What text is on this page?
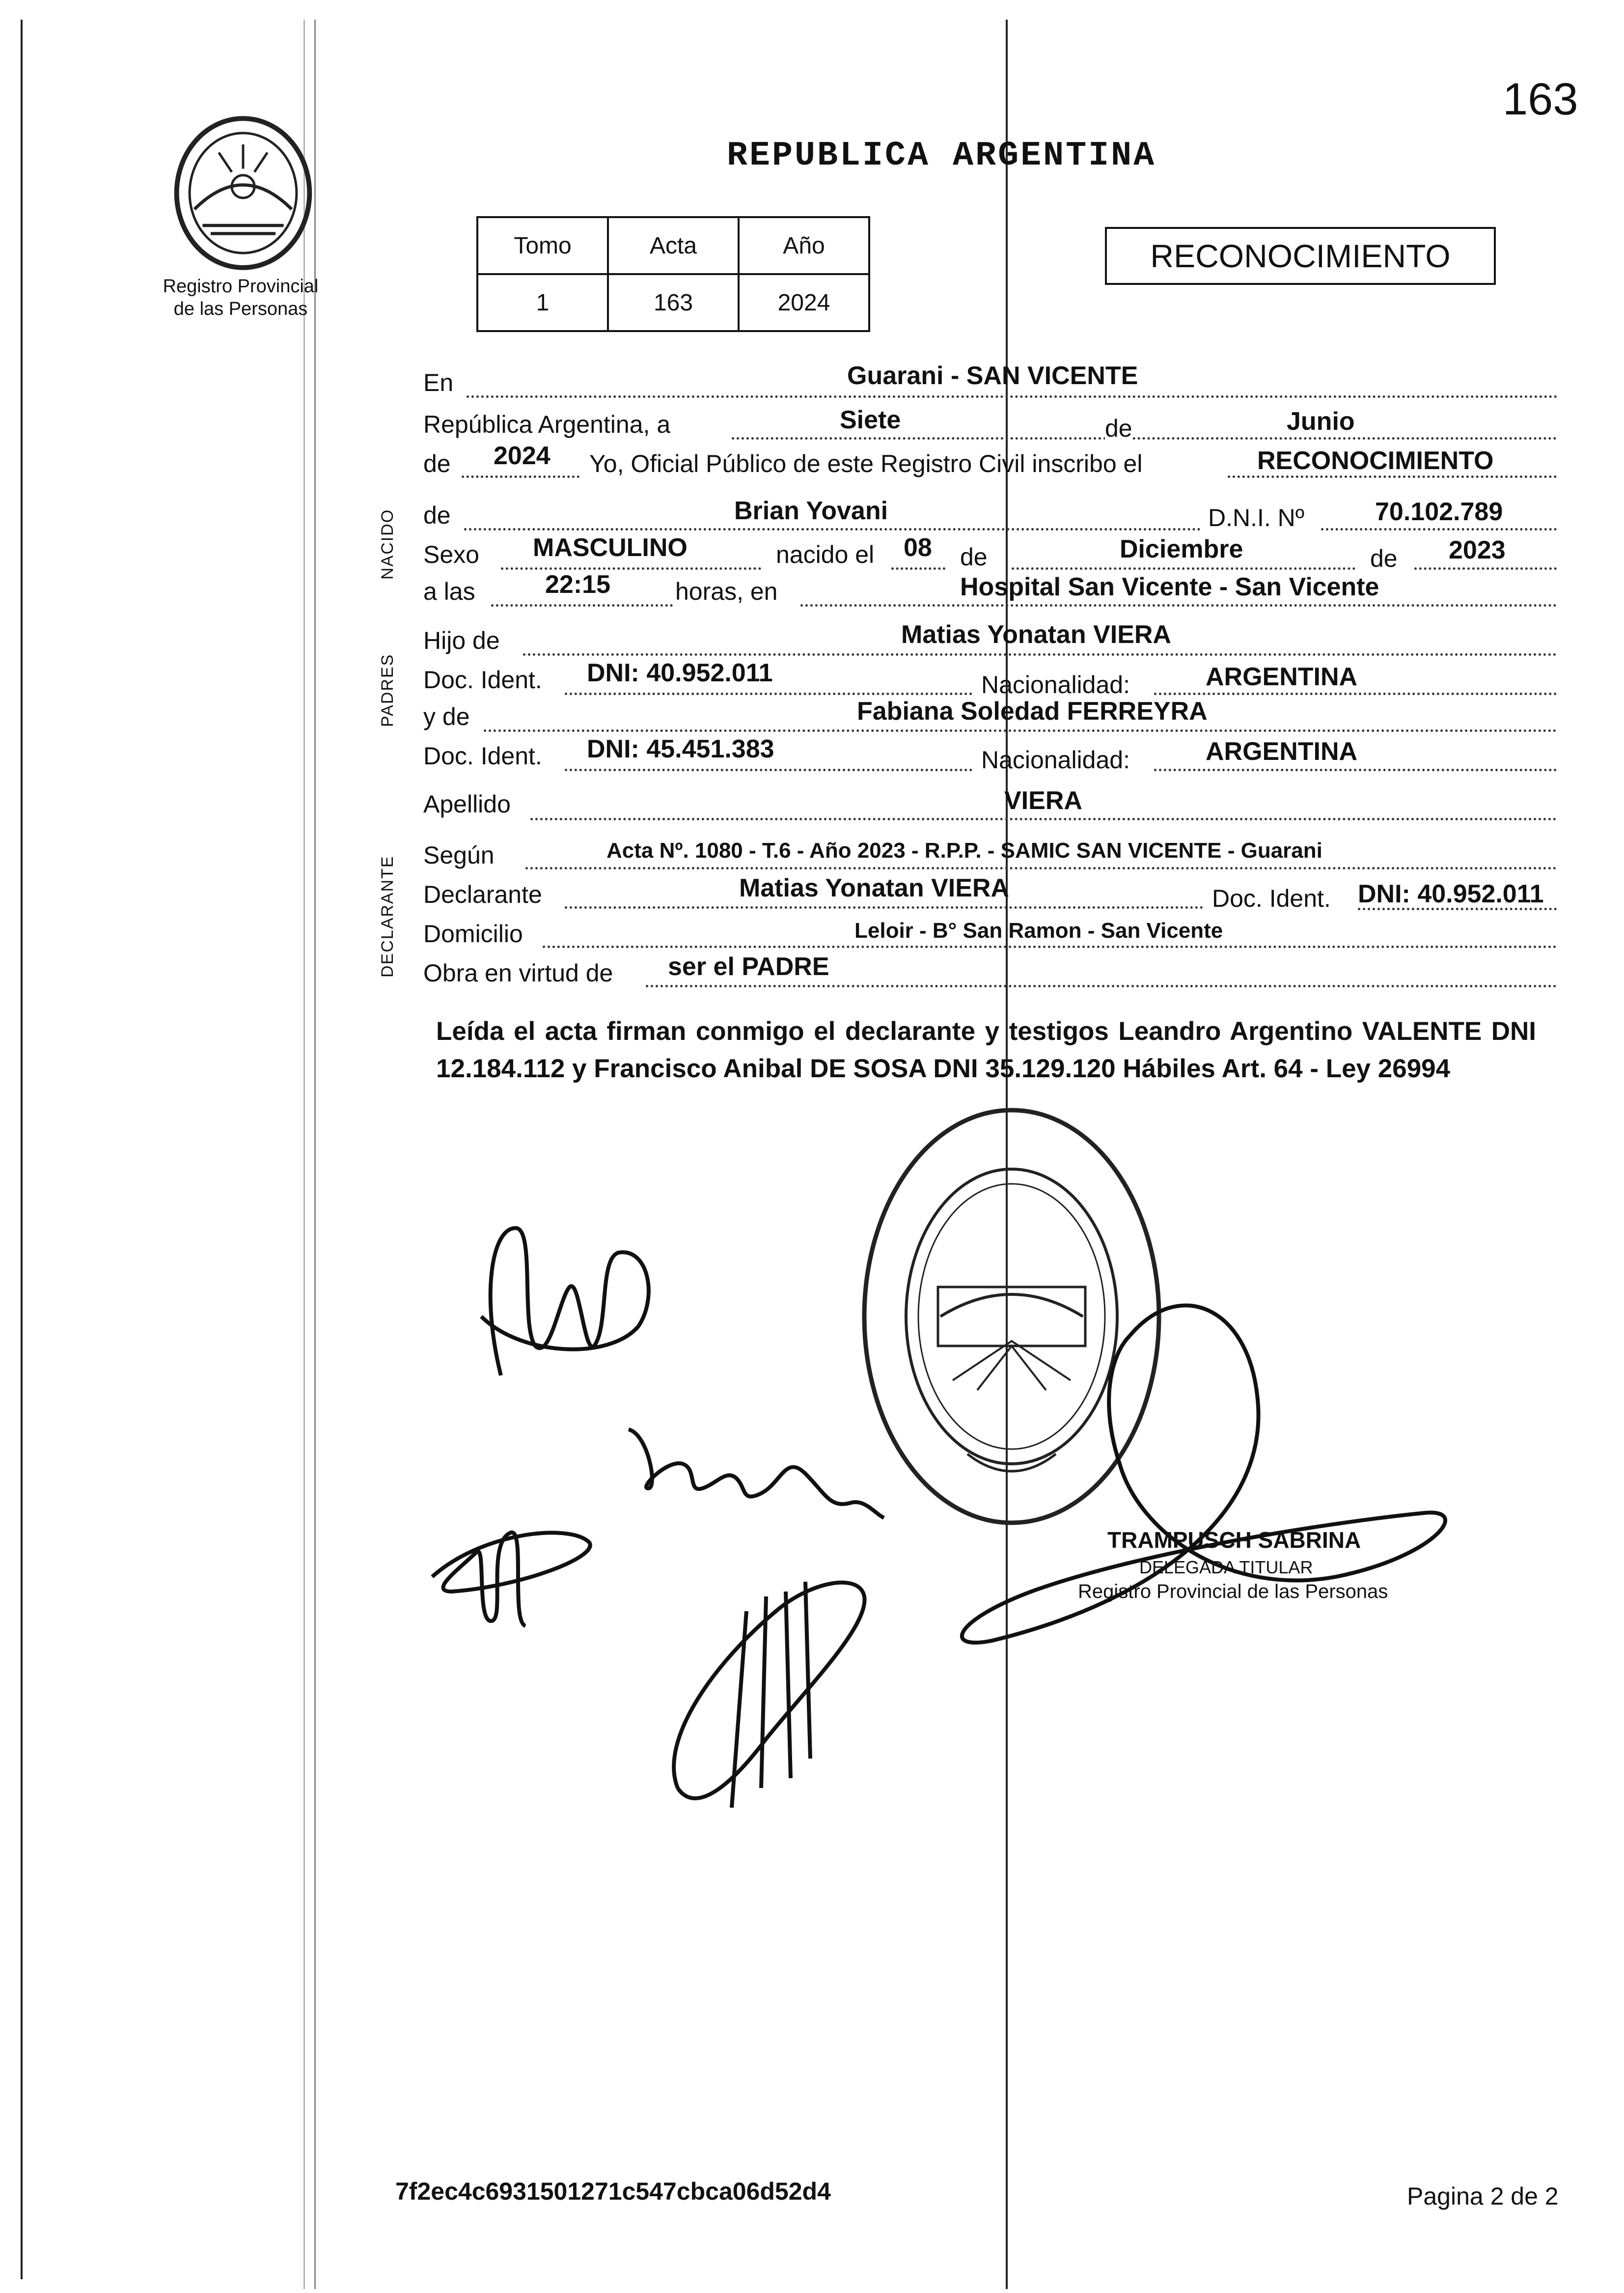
163
Registro Provincial
de las Personas
REPUBLICA ARGENTINA
Tomo	Acta	Año
1	163	2024
RECONOCIMIENTO
NACIDO
PADRES
DECLARANTE
En	Guarani - SAN VICENTE
República Argentina, a	Siete	de	Junio
de 2024 Yo, Oficial Público de este Registro Civil inscribo el	RECONOCIMIENTO
de	Brian Yovani	D.N.I. Nº	70.102.789
Sexo MASCULINO	nacido el 08 de	Diciembre	de 2023
a las	22:15	horas, en	Hospital San Vicente - San Vicente
Hijo de	Matias Yonatan VIERA
Doc. Ident. DNI: 40.952.011	Nacionalidad:	ARGENTINA
y de	Fabiana Soledad FERREYRA
Doc. Ident. DNI: 45.451.383	Nacionalidad:	ARGENTINA
Apellido	VIERA
Según	Acta Nº. 1080 - T.6 - Año 2023 - R.P.P. - SAMIC SAN VICENTE - Guarani
Declarante	Matias Yonatan VIERA	Doc. Ident. DNI: 40.952.011
Domicilio	Leloir - B° San Ramon - San Vicente
Obra en virtud de ser el PADRE
Leída el acta firman conmigo el declarante y testigos Leandro Argentino VALENTE DNI 12.184.112 y Francisco Anibal DE SOSA DNI 35.129.120 Hábiles Art. 64 - Ley 26994
TRAMPUSCH SABRINA
DELEGADA TITULAR
Registro Provincial de las Personas
7f2ec4c6931501271c547cbca06d52d4	Pagina 2 de 2
